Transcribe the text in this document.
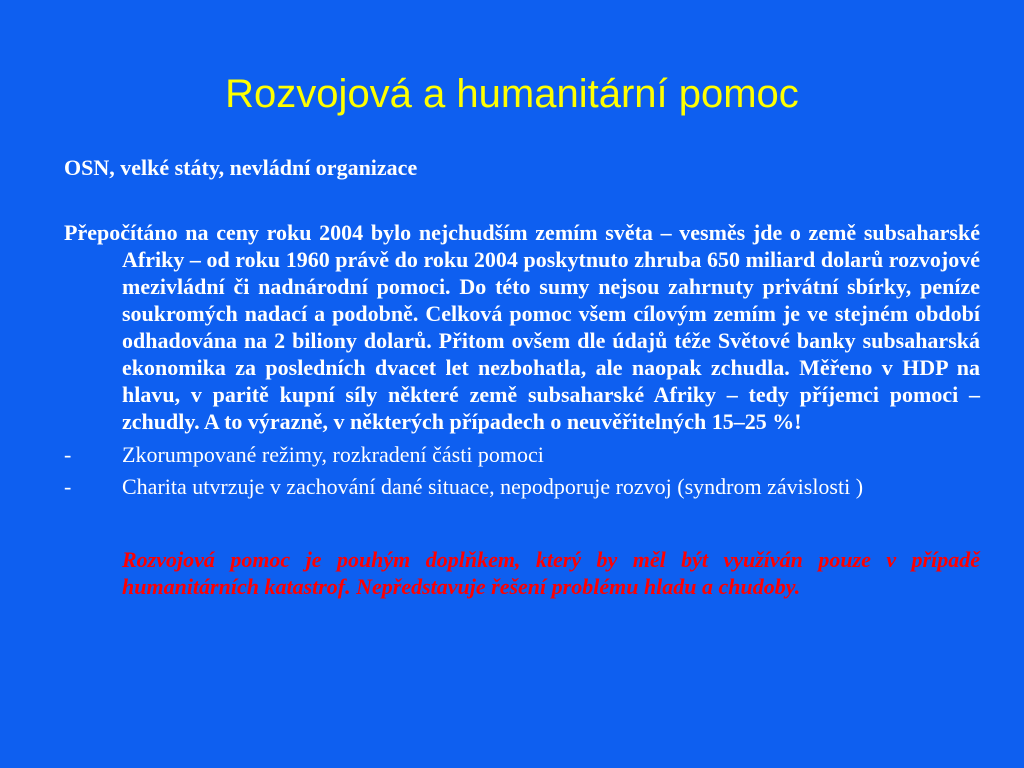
Rozvojová a humanitární pomoc

OSN, velké státy, nevládní organizace

Přepočítáno na ceny roku 2004 bylo nejchudším zemím světa – vesměs jde o země subsaharské Afriky – od roku 1960 právě do roku 2004 poskytnuto zhruba 650 miliard dolarů rozvojové mezivládní či nadnárodní pomoci. Do této sumy nejsou zahrnuty privátní sbírky, peníze soukromých nadací a podobně. Celková pomoc všem cílovým zemím je ve stejném období odhadována na 2 biliony dolarů. Přitom ovšem dle údajů téže Světové banky subsaharská ekonomika za posledních dvacet let nezbohatla, ale naopak zchudla. Měřeno v HDP na hlavu, v paritě kupní síly některé země subsaharské Afriky – tedy příjemci pomoci – zchudly. A to výrazně, v některých případech o neuvěřitelných 15–25 %!

-	Zkorumpované režimy, rozkradení části pomoci
-	Charita utvrzuje v zachování dané situace, nepodporuje rozvoj (syndrom závislosti )

Rozvojová pomoc je pouhým doplňkem, který by měl být využíván pouze v případě humanitárních katastrof. Nepředstavuje řešení problému hladu a chudoby.
